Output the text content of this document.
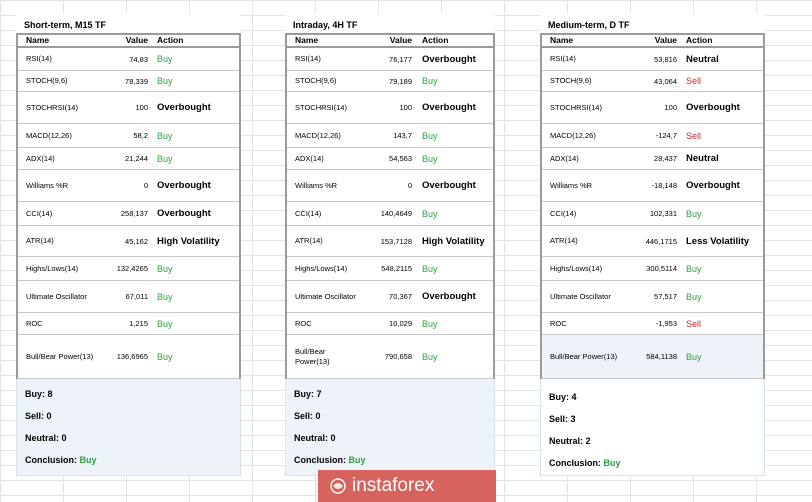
Short-term, M15 TF
Name	Value	Action
RSI(14)	74,83	Buy
STOCH(9,6)	78,339	Buy
STOCHRSI(14)	100 Overbought
MACD(12,26)	58,2	Buy
ADX(14)	21,244	Buy
Williams %R	0 Overbought
CCI(14)	258,137 Overbought
ATR(14)	45,162 High Volatility
Highs/Lows(14)	132,4265	Buy
Ultimate Oscillator	67,011	Buy
ROC	1,215	Buy
Bull/Bear Power(13)	136,6965	Buy
Buy: 8
Sell: 0
Neutral: 0
Conclusion: Buy
Intraday, 4H TF
Name	Value	Action
RSI(14)	76,177	Overbought
STOCH(9,6)	79,189	Buy
STOCHRSI(14)	100	Overbought
MACD(12,26)	143,7	Buy
ADX(14)	54,563	Buy
Williams %R	0	Overbought
CCI(14)	140,4649	Buy
ATR(14)	153,7128	High Volatility
Highs/Lows(14)	548,2115	Buy
Ultimate Oscillator	70,367	Overbought
ROC	10,029	Buy
Bull/Bear Power(13)	790,658	Buy
Buy: 7
Sell: 0
Neutral: 0
Conclusion: Buy
Medium-term, D TF
Name	Value	Action
RSI(14)	53,816 Neutral
STOCH(9,6)	43,064	Sell
STOCHRSI(14)	100 Overbought
MACD(12,26)	-124,7	Sell
ADX(14)	28,437 Neutral
Williams %R	-18,148 Overbought
CCI(14)	102,331	Buy
ATR(14)	446,1715 Less Volatility
Highs/Lows(14)	300,5114	Buy
Ultimate Oscillator	57,517	Buy
ROC	-1,953	Sell
Bull/Bear Power(13)	584,1138	Buy
Buy: 4
Sell: 3
Neutral: 2
Conclusion: Buy
instaforex
